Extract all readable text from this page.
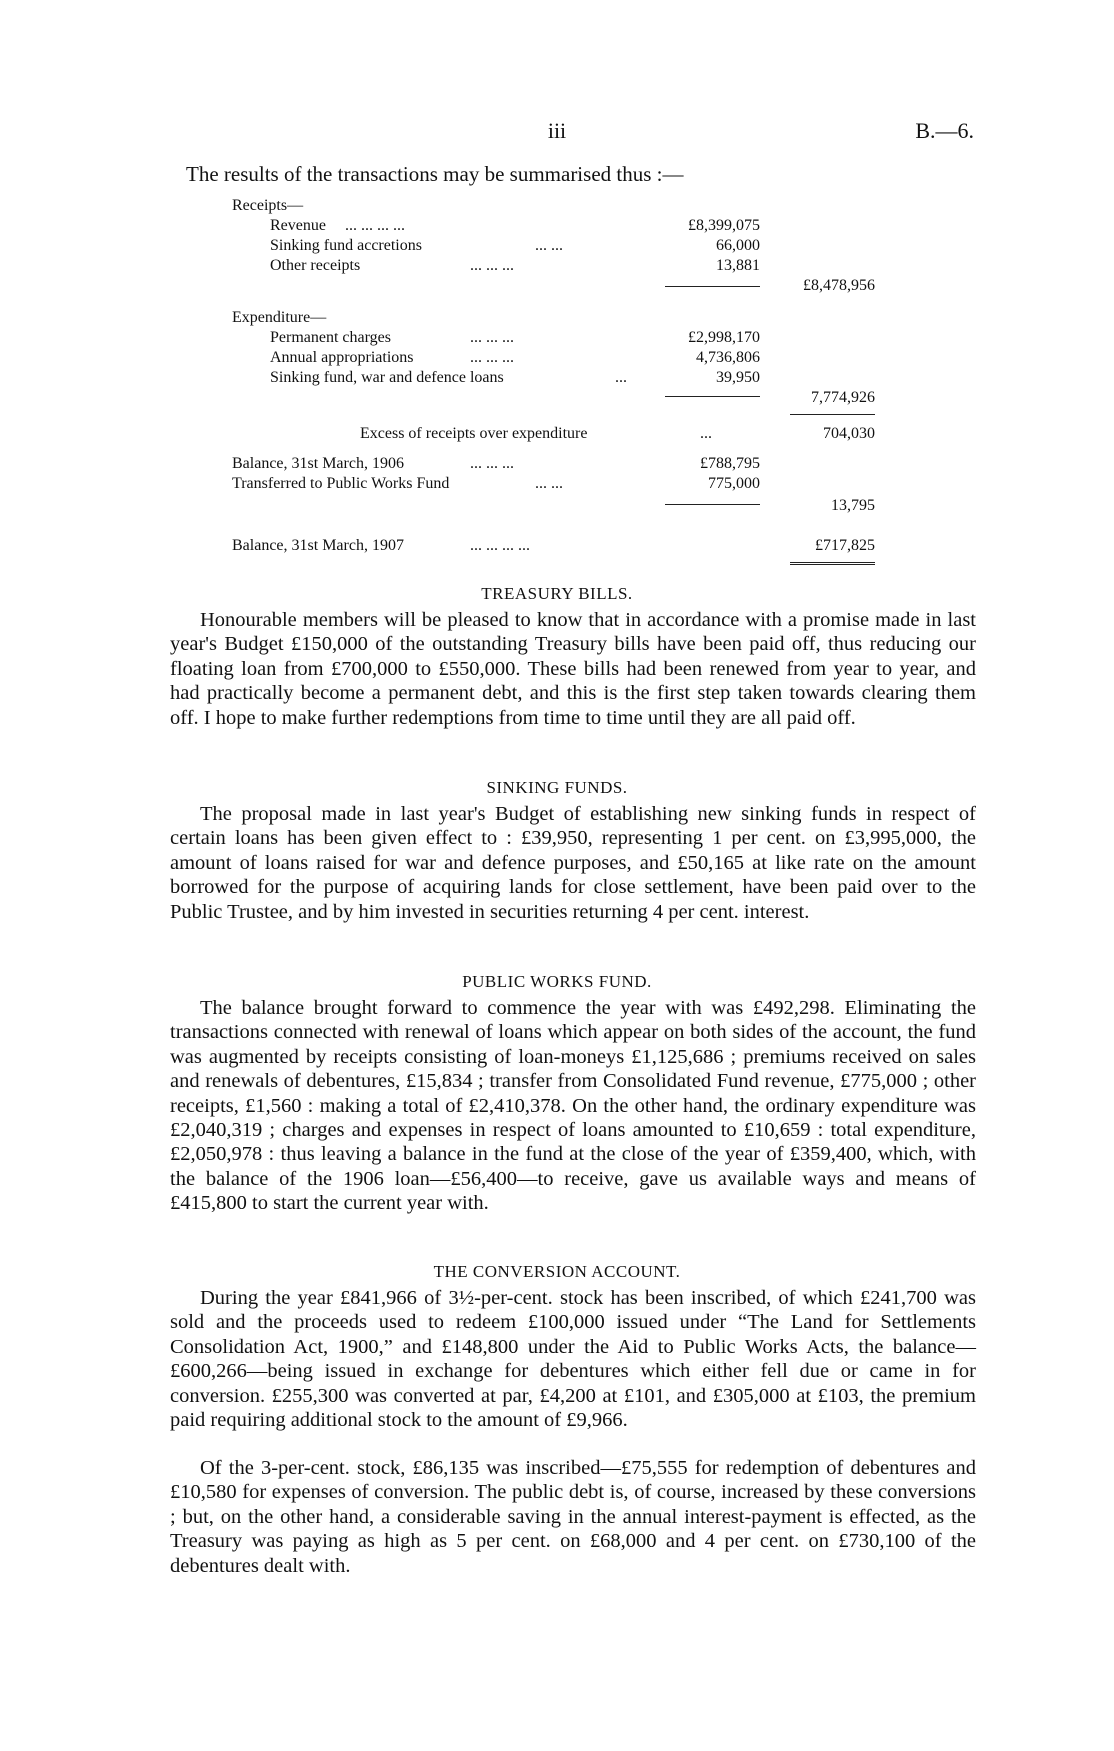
iii	B.—6.
The results of the transactions may be summarised thus :—
Receipts—
Revenue ... ... ... ...	£8,399,075
Sinking fund accretions	... ...	66,000
Other receipts	... ... ...	13,881
£8,478,956
Expenditure—
Permanent charges	... ... ...	£2,998,170
Annual appropriations	... ... ...	4,736,806
Sinking fund, war and defence loans	...	39,950
7,774,926
Excess of receipts over expenditure	...	704,030
Balance, 31st March, 1906	... ... ...	£788,795
Transferred to Public Works Fund	... ...	775,000
13,795
Balance, 31st March, 1907	... ... ... ...	£717,825
TREASURY BILLS.

Honourable members will be pleased to know that in accordance with a promise made in last year's Budget £150,000 of the outstanding Treasury bills have been paid off, thus reducing our floating loan from £700,000 to £550,000. These bills had been renewed from year to year, and had practically become a permanent debt, and this is the first step taken towards clearing them off. I hope to make further redemptions from time to time until they are all paid off.

SINKING FUNDS.

The proposal made in last year's Budget of establishing new sinking funds in respect of certain loans has been given effect to : £39,950, representing 1 per cent. on £3,995,000, the amount of loans raised for war and defence purposes, and £50,165 at like rate on the amount borrowed for the purpose of acquiring lands for close settlement, have been paid over to the Public Trustee, and by him invested in securities returning 4 per cent. interest.

PUBLIC WORKS FUND.

The balance brought forward to commence the year with was £492,298. Eliminating the transactions connected with renewal of loans which appear on both sides of the account, the fund was augmented by receipts consisting of loan-moneys £1,125,686 ; premiums received on sales and renewals of debentures, £15,834 ; transfer from Consolidated Fund revenue, £775,000 ; other receipts, £1,560 : making a total of £2,410,378. On the other hand, the ordinary expenditure was £2,040,319 ; charges and expenses in respect of loans amounted to £10,659 : total expenditure, £2,050,978 : thus leaving a balance in the fund at the close of the year of £359,400, which, with the balance of the 1906 loan—£56,400—to receive, gave us available ways and means of £415,800 to start the current year with.

THE CONVERSION ACCOUNT.

During the year £841,966 of 3½-per-cent. stock has been inscribed, of which £241,700 was sold and the proceeds used to redeem £100,000 issued under “The Land for Settlements Consolidation Act, 1900,” and £148,800 under the Aid to Public Works Acts, the balance—£600,266—being issued in exchange for debentures which either fell due or came in for conversion. £255,300 was converted at par, £4,200 at £101, and £305,000 at £103, the premium paid requiring additional stock to the amount of £9,966.

Of the 3-per-cent. stock, £86,135 was inscribed—£75,555 for redemption of debentures and £10,580 for expenses of conversion. The public debt is, of course, increased by these conversions ; but, on the other hand, a considerable saving in the annual interest-payment is effected, as the Treasury was paying as high as 5 per cent. on £68,000 and 4 per cent. on £730,100 of the debentures dealt with.
